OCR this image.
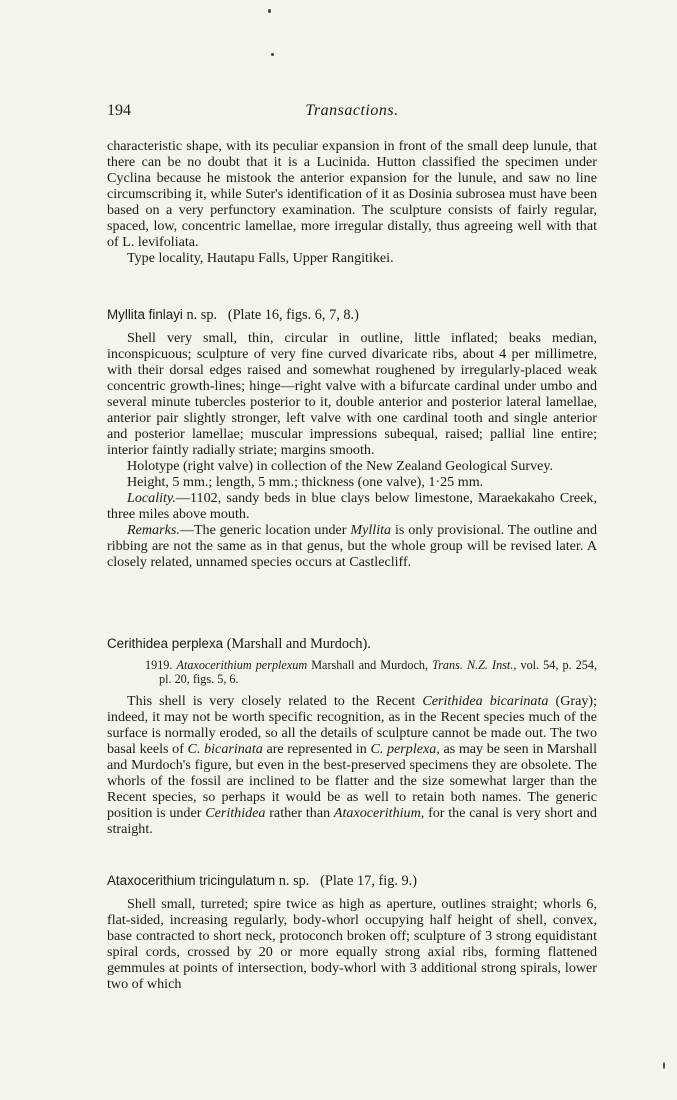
194	Transactions.

characteristic shape, with its peculiar expansion in front of the small deep lunule, that there can be no doubt that it is a Lucinida. Hutton classified the specimen under Cyclina because he mistook the anterior expansion for the lunule, and saw no line circumscribing it, while Suter's identification of it as Dosinia subrosea must have been based on a very perfunctory examination. The sculpture consists of fairly regular, spaced, low, concentric lamellae, more irregular distally, thus agreeing well with that of L. levifoliata.

Type locality, Hautapu Falls, Upper Rangitikei.

Myllita finlayi n. sp. (Plate 16, figs. 6, 7, 8.)

Shell very small, thin, circular in outline, little inflated; beaks median, inconspicuous; sculpture of very fine curved divaricate ribs, about 4 per millimetre, with their dorsal edges raised and somewhat roughened by irregularly-placed weak concentric growth-lines; hinge—right valve with a bifurcate cardinal under umbo and several minute tubercles posterior to it, double anterior and posterior lateral lamellae, anterior pair slightly stronger, left valve with one cardinal tooth and single anterior and posterior lamellae; muscular impressions subequal, raised; pallial line entire; interior faintly radially striate; margins smooth.

Holotype (right valve) in collection of the New Zealand Geological Survey.

Height, 5 mm.; length, 5 mm.; thickness (one valve), 1·25 mm.

Locality.—1102, sandy beds in blue clays below limestone, Maraekakaho Creek, three miles above mouth.

Remarks.—The generic location under Myllita is only provisional. The outline and ribbing are not the same as in that genus, but the whole group will be revised later. A closely related, unnamed species occurs at Castlecliff.

Cerithidea perplexa (Marshall and Murdoch).
1919. Ataxocerithium perplexum Marshall and Murdoch, Trans. N.Z. Inst., vol. 54, p. 254, pl. 20, figs. 5, 6.

This shell is very closely related to the Recent Cerithidea bicarinata (Gray); indeed, it may not be worth specific recognition, as in the Recent species much of the surface is normally eroded, so all the details of sculpture cannot be made out. The two basal keels of C. bicarinata are represented in C. perplexa, as may be seen in Marshall and Murdoch's figure, but even in the best-preserved specimens they are obsolete. The whorls of the fossil are inclined to be flatter and the size somewhat larger than the Recent species, so perhaps it would be as well to retain both names. The generic position is under Cerithidea rather than Ataxocerithium, for the canal is very short and straight.

Ataxocerithium tricingulatum n. sp. (Plate 17, fig. 9.)

Shell small, turreted; spire twice as high as aperture, outlines straight; whorls 6, flat-sided, increasing regularly, body-whorl occupying half height of shell, convex, base contracted to short neck, protoconch broken off; sculpture of 3 strong equidistant spiral cords, crossed by 20 or more equally strong axial ribs, forming flattened gemmules at points of intersection, body-whorl with 3 additional strong spirals, lower two of which
